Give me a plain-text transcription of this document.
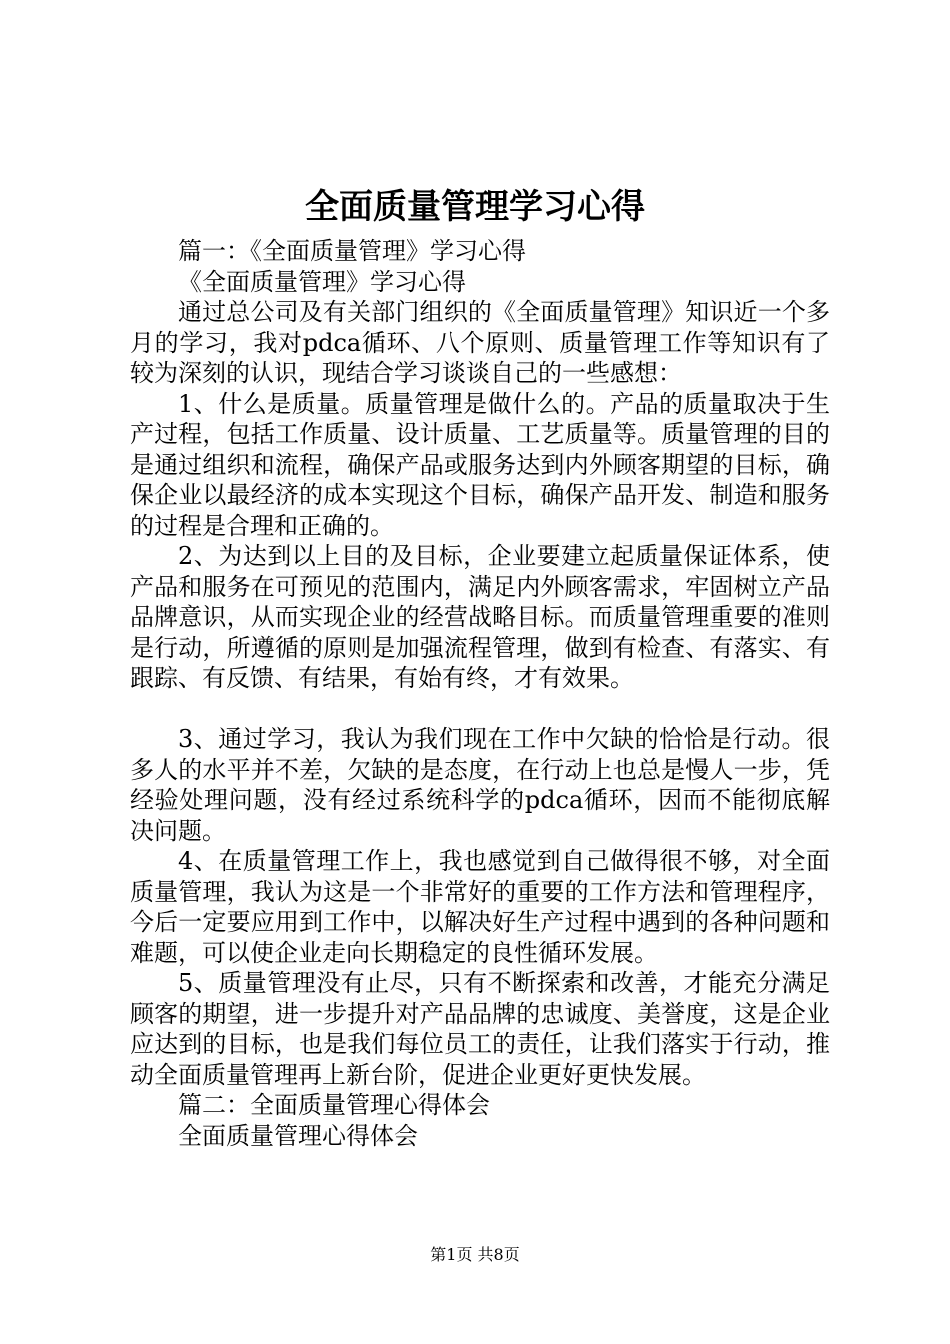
全面质量管理学习心得

篇一：《全面质量管理》学习心得

《全面质量管理》学习心得

通过总公司及有关部门组织的《全面质量管理》知识近一个多月的学习，我对pdca循环、八个原则、质量管理工作等知识有了较为深刻的认识，现结合学习谈谈自己的一些感想：

1、什么是质量。质量管理是做什么的。产品的质量取决于生产过程，包括工作质量、设计质量、工艺质量等。质量管理的目的是通过组织和流程，确保产品或服务达到内外顾客期望的目标，确保企业以最经济的成本实现这个目标，确保产品开发、制造和服务的过程是合理和正确的。

2、为达到以上目的及目标，企业要建立起质量保证体系，使产品和服务在可预见的范围内，满足内外顾客需求，牢固树立产品品牌意识，从而实现企业的经营战略目标。而质量管理重要的准则是行动，所遵循的原则是加强流程管理，做到有检查、有落实、有跟踪、有反馈、有结果，有始有终，才有效果。

3、通过学习，我认为我们现在工作中欠缺的恰恰是行动。很多人的水平并不差，欠缺的是态度，在行动上也总是慢人一步，凭经验处理问题，没有经过系统科学的pdca循环，因而不能彻底解决问题。

4、在质量管理工作上，我也感觉到自己做得很不够，对全面质量管理，我认为这是一个非常好的重要的工作方法和管理程序，今后一定要应用到工作中，以解决好生产过程中遇到的各种问题和难题，可以使企业走向长期稳定的良性循环发展。

5、质量管理没有止尽，只有不断探索和改善，才能充分满足顾客的期望，进一步提升对产品品牌的忠诚度、美誉度，这是企业应达到的目标，也是我们每位员工的责任，让我们落实于行动，推动全面质量管理再上新台阶，促进企业更好更快发展。

篇二：全面质量管理心得体会

全面质量管理心得体会

第1页 共8页
